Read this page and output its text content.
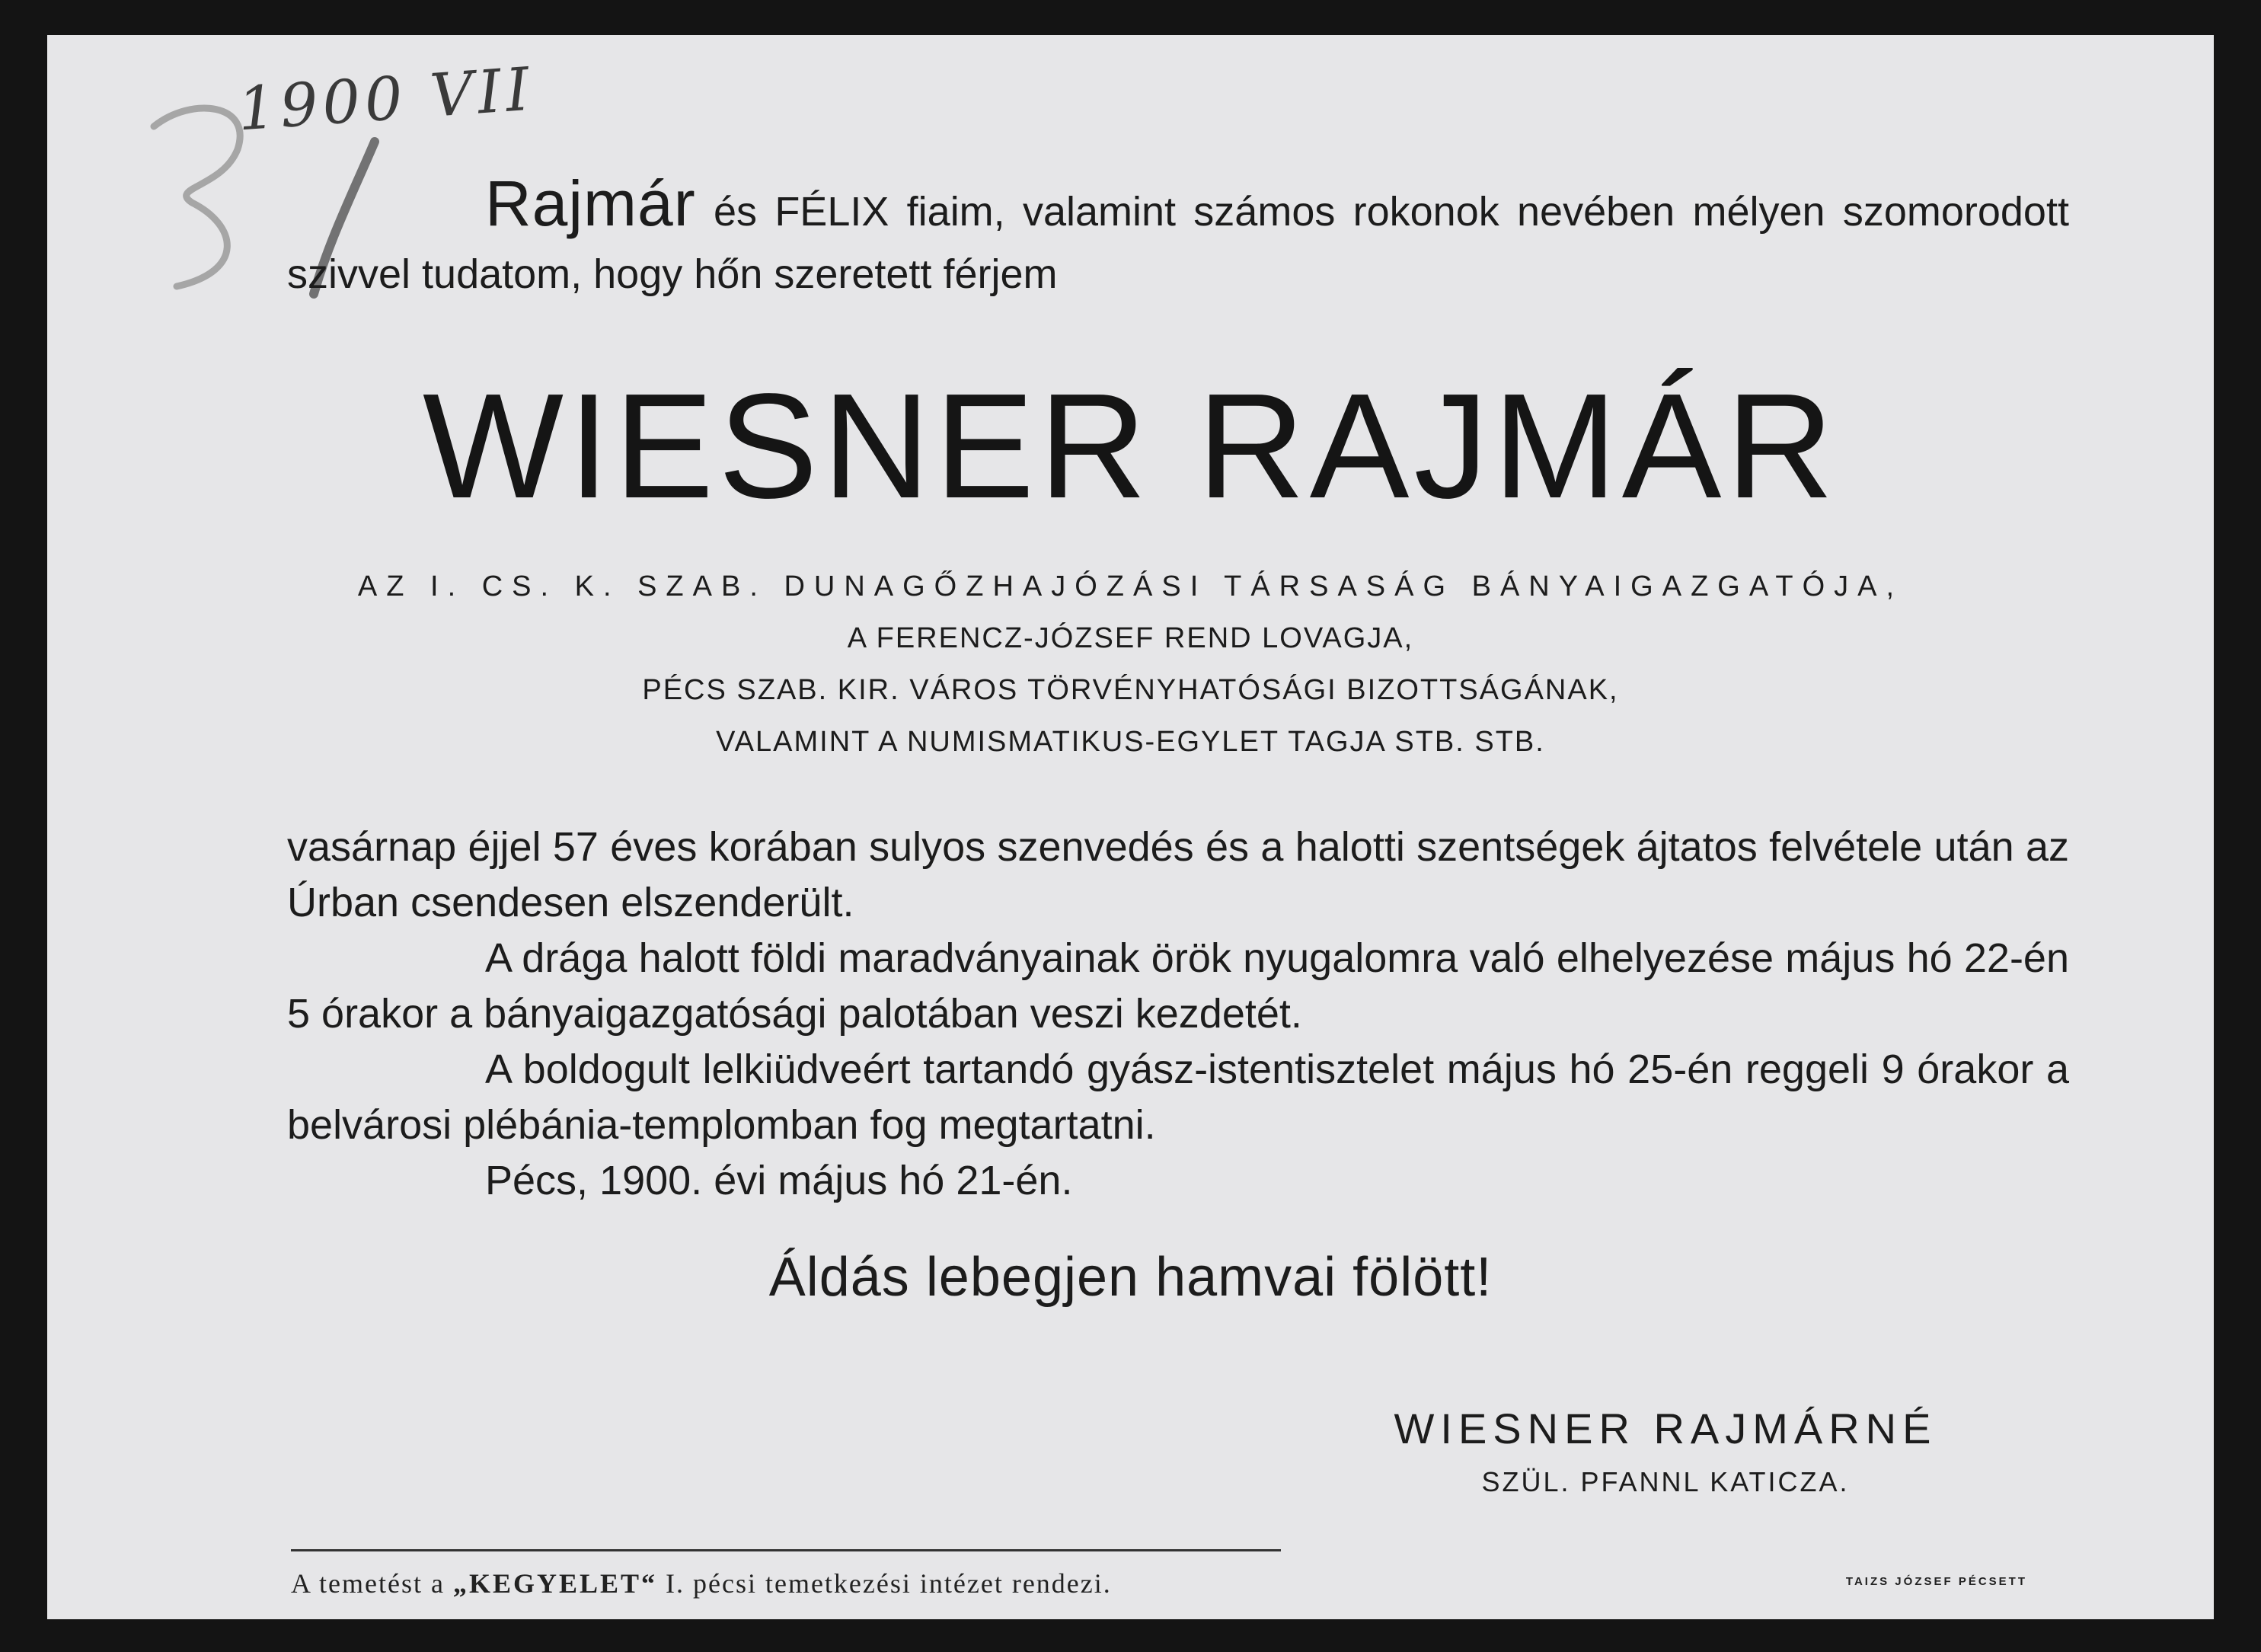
1900 VII
Rajmár és FÉLIX fiaim, valamint számos rokonok nevében mélyen szomorodott szivvel tudatom, hogy hőn szeretett férjem
WIESNER RAJMÁR
AZ I. CS. K. SZAB. DUNAGŐZHAJÓZÁSI TÁRSASÁG BÁNYAIGAZGATÓJA,
A FERENCZ-JÓZSEF REND LOVAGJA,
PÉCS SZAB. KIR. VÁROS TÖRVÉNYHATÓSÁGI BIZOTTSÁGÁNAK,
VALAMINT A NUMISMATIKUS-EGYLET TAGJA STB. STB.

vasárnap éjjel 57 éves korában sulyos szenvedés és a halotti szentségek ájtatos felvétele után az Úrban csendesen elszenderült.

A drága halott földi maradványainak örök nyugalomra való elhelyezése május hó 22-én 5 órakor a bányaigazgatósági palotában veszi kezdetét.

A boldogult lelkiüdveért tartandó gyász-istentisztelet május hó 25-én reggeli 9 órakor a belvárosi plébánia-templomban fog megtartatni.

Pécs, 1900. évi május hó 21-én.

Áldás lebegjen hamvai fölött!
WIESNER RAJMÁRNÉ
SZÜL. PFANNL KATICZA.
A temetést a „KEGYELET“ I. pécsi temetkezési intézet rendezi.	TAIZS JÓZSEF PÉCSETT
